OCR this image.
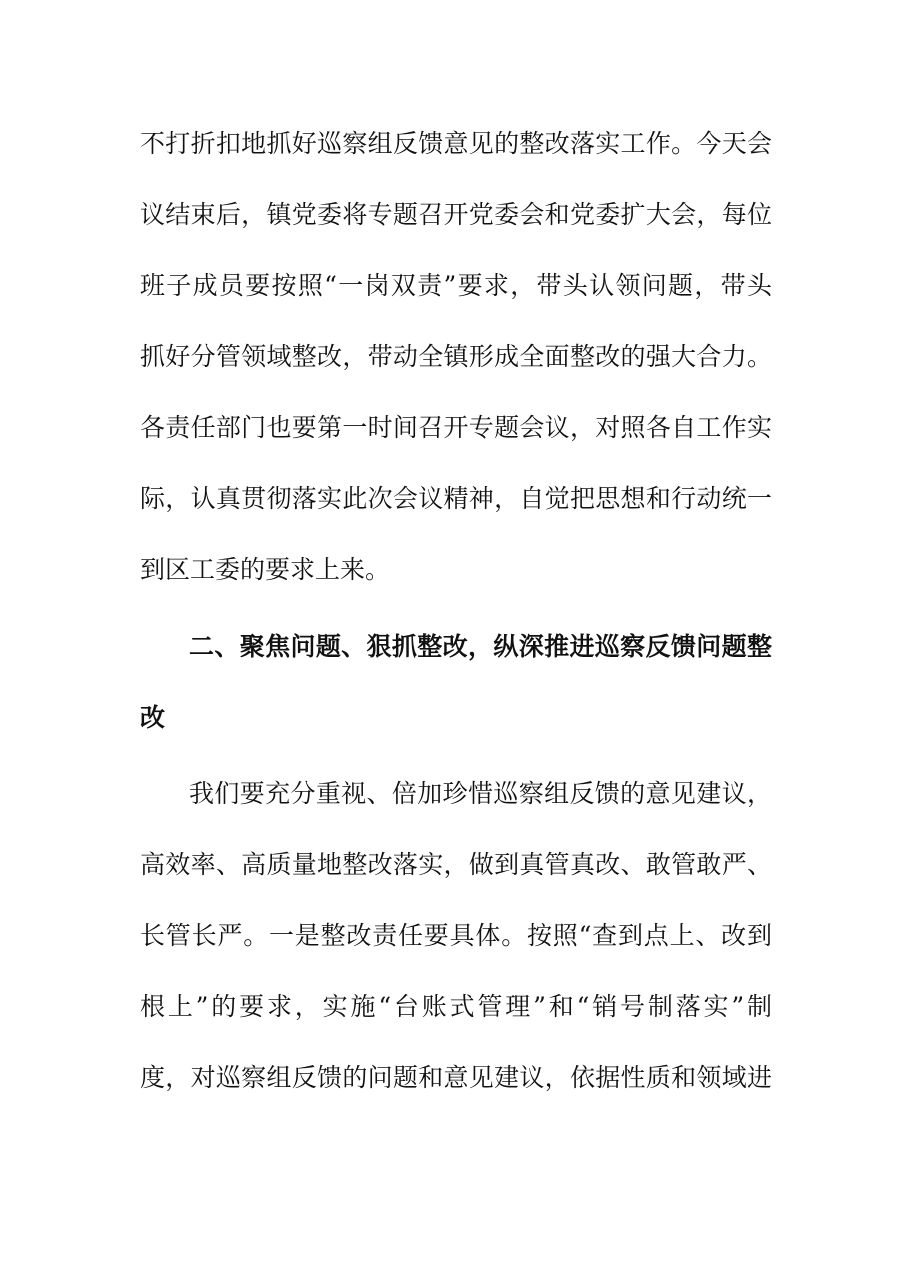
不打折扣地抓好巡察组反馈意见的整改落实工作。今天会
议结束后，镇党委将专题召开党委会和党委扩大会，每位
班子成员要按照“一岗双责”要求，带头认领问题，带头
抓好分管领域整改，带动全镇形成全面整改的强大合力。
各责任部门也要第一时间召开专题会议，对照各自工作实
际，认真贯彻落实此次会议精神，自觉把思想和行动统一
到区工委的要求上来。
二、聚焦问题、狠抓整改，纵深推进巡察反馈问题整
改
我们要充分重视、倍加珍惜巡察组反馈的意见建议，
高效率、高质量地整改落实，做到真管真改、敢管敢严、
长管长严。一是整改责任要具体。按照“查到点上、改到
根上”的要求，实施“台账式管理”和“销号制落实”制
度，对巡察组反馈的问题和意见建议，依据性质和领域进
